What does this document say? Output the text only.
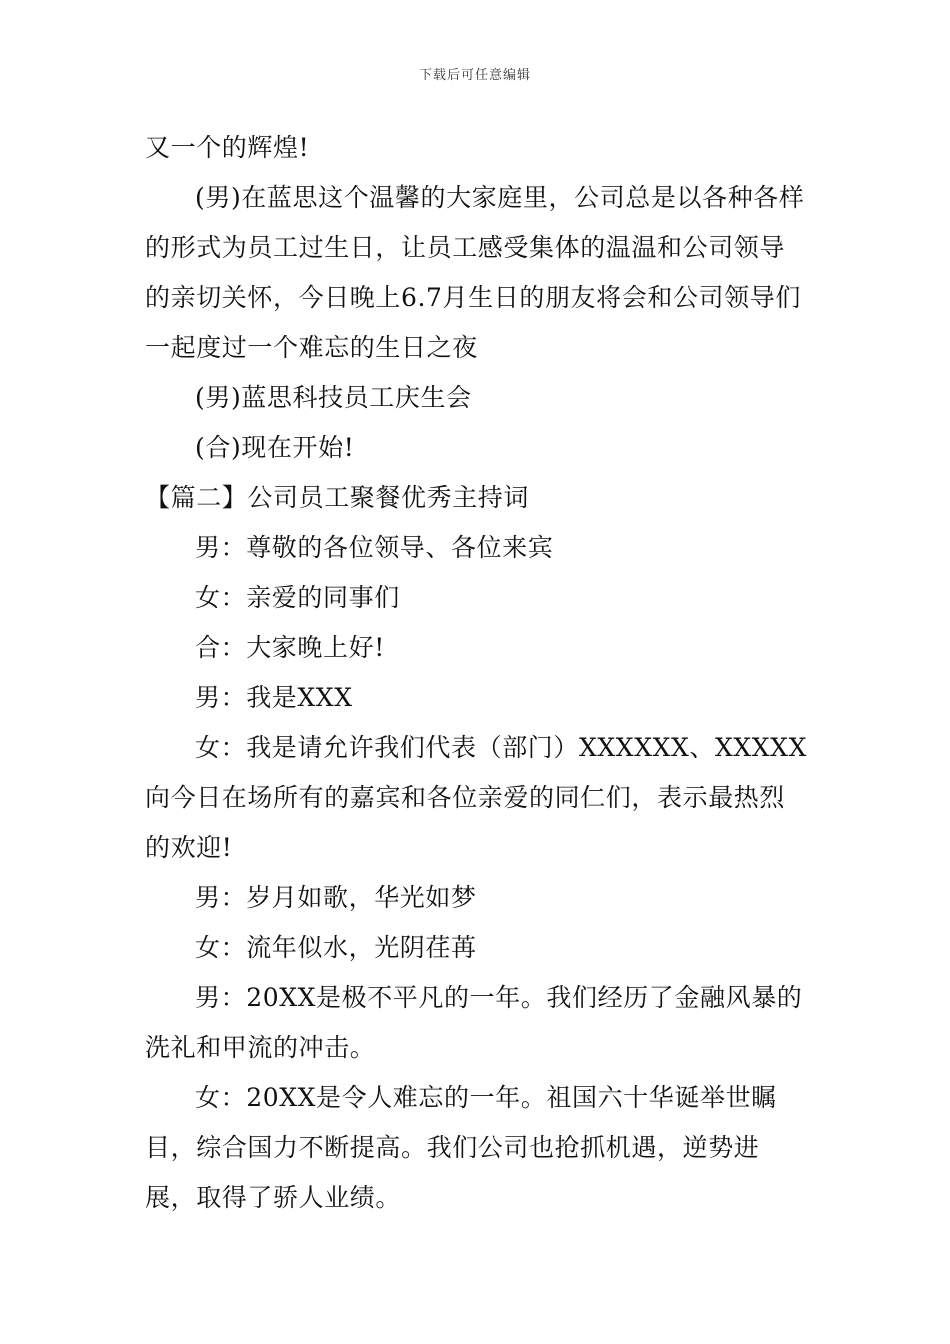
下载后可任意编辑

又一个的辉煌!

(男)在蓝思这个温馨的大家庭里，公司总是以各种各样的形式为员工过生日，让员工感受集体的温温和公司领导的亲切关怀，今日晚上6.7月生日的朋友将会和公司领导们一起度过一个难忘的生日之夜

(男)蓝思科技员工庆生会

(合)现在开始!

【篇二】公司员工聚餐优秀主持词

男：尊敬的各位领导、各位来宾

女：亲爱的同事们

合：大家晚上好!

男：我是XXX

女：我是请允许我们代表（部门）XXXXXX、XXXXX向今日在场所有的嘉宾和各位亲爱的同仁们，表示最热烈的欢迎!

男：岁月如歌，华光如梦

女：流年似水，光阴荏苒

男：20XX是极不平凡的一年。我们经历了金融风暴的洗礼和甲流的冲击。

女：20XX是令人难忘的一年。祖国六十华诞举世瞩目，综合国力不断提高。我们公司也抢抓机遇，逆势进展，取得了骄人业绩。
